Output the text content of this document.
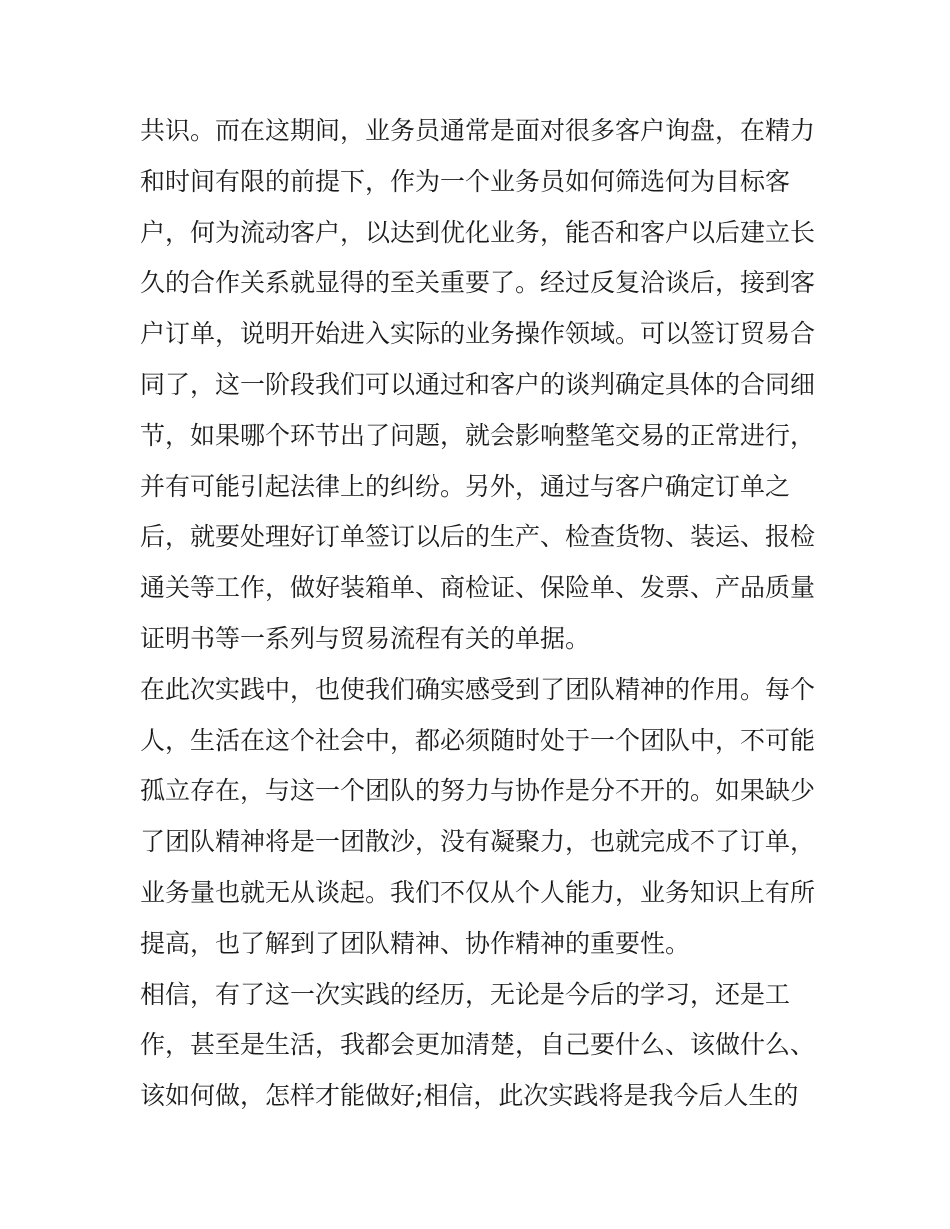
共识。而在这期间，业务员通常是面对很多客户询盘，在精力
和时间有限的前提下，作为一个业务员如何筛选何为目标客
户，何为流动客户，以达到优化业务，能否和客户以后建立长
久的合作关系就显得的至关重要了。经过反复洽谈后，接到客
户订单，说明开始进入实际的业务操作领域。可以签订贸易合
同了，这一阶段我们可以通过和客户的谈判确定具体的合同细
节，如果哪个环节出了问题，就会影响整笔交易的正常进行，
并有可能引起法律上的纠纷。另外，通过与客户确定订单之
后，就要处理好订单签订以后的生产、检查货物、装运、报检
通关等工作，做好装箱单、商检证、保险单、发票、产品质量
证明书等一系列与贸易流程有关的单据。
在此次实践中，也使我们确实感受到了团队精神的作用。每个
人，生活在这个社会中，都必须随时处于一个团队中，不可能
孤立存在，与这一个团队的努力与协作是分不开的。如果缺少
了团队精神将是一团散沙，没有凝聚力，也就完成不了订单，
业务量也就无从谈起。我们不仅从个人能力，业务知识上有所
提高，也了解到了团队精神、协作精神的重要性。
相信，有了这一次实践的经历，无论是今后的学习，还是工
作，甚至是生活，我都会更加清楚，自己要什么、该做什么、
该如何做，怎样才能做好;相信，此次实践将是我今后人生的
